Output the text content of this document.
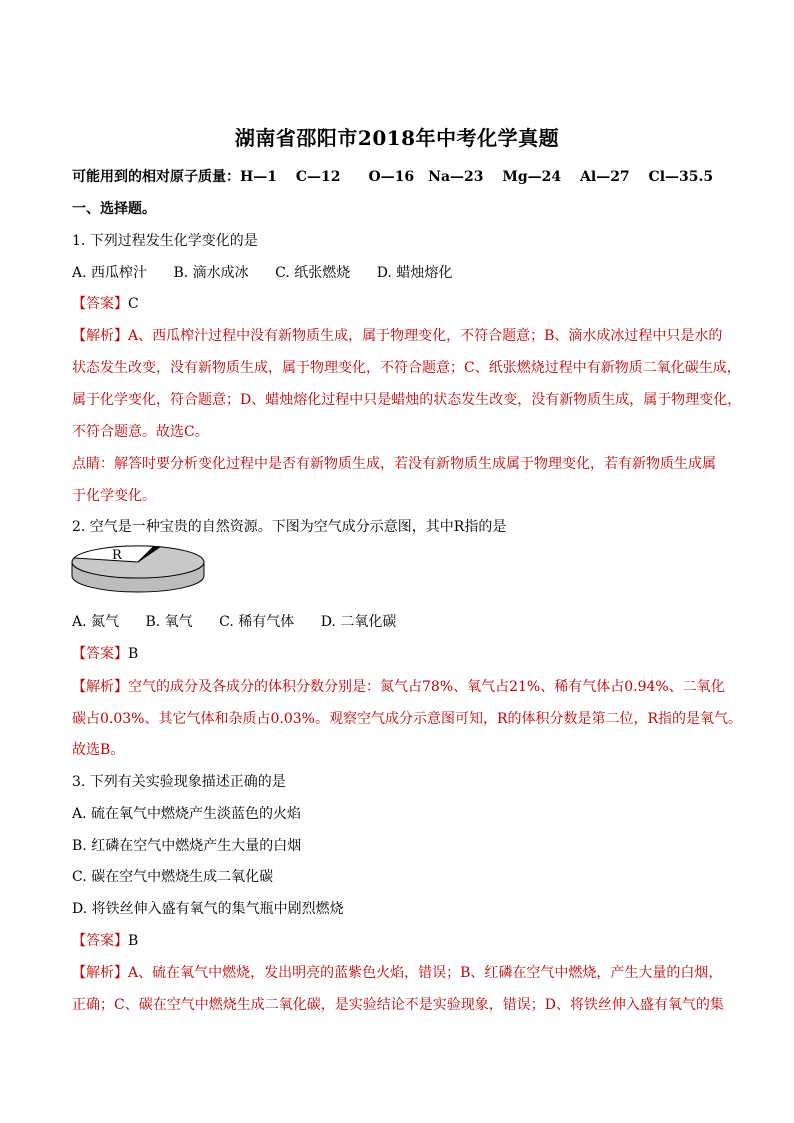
湖南省邵阳市2018年中考化学真题
可能用到的相对原子质量：H—1　 C—12　　O—16　Na—23　 Mg—24　 Al—27　 Cl—35.5
一、选择题。
1. 下列过程发生化学变化的是
A. 西瓜榨汁 B. 滴水成冰 C. 纸张燃烧 D. 蜡烛熔化
【答案】C
【解析】A、西瓜榨汁过程中没有新物质生成，属于物理变化，不符合题意；B、滴水成冰过程中只是水的
状态发生改变，没有新物质生成，属于物理变化，不符合题意；C、纸张燃烧过程中有新物质二氧化碳生成，
属于化学变化，符合题意；D、蜡烛熔化过程中只是蜡烛的状态发生改变，没有新物质生成，属于物理变化，
不符合题意。故选C。
点睛：解答时要分析变化过程中是否有新物质生成，若没有新物质生成属于物理变化，若有新物质生成属
于化学变化。
2. 空气是一种宝贵的自然资源。下图为空气成分示意图，其中R指的是
R
A. 氮气 B. 氧气 C. 稀有气体 D. 二氧化碳
【答案】B
【解析】空气的成分及各成分的体积分数分别是：氮气占78%、氧气占21%、稀有气体占0.94%、二氧化
碳占0.03%、其它气体和杂质占0.03%。观察空气成分示意图可知，R的体积分数是第二位，R指的是氧气。
故选B。
3. 下列有关实验现象描述正确的是
A. 硫在氧气中燃烧产生淡蓝色的火焰
B. 红磷在空气中燃烧产生大量的白烟
C. 碳在空气中燃烧生成二氧化碳
D. 将铁丝伸入盛有氧气的集气瓶中剧烈燃烧
【答案】B
【解析】A、硫在氧气中燃烧，发出明亮的蓝紫色火焰，错误；B、红磷在空气中燃烧，产生大量的白烟，
正确；C、碳在空气中燃烧生成二氧化碳，是实验结论不是实验现象，错误；D、将铁丝伸入盛有氧气的集
